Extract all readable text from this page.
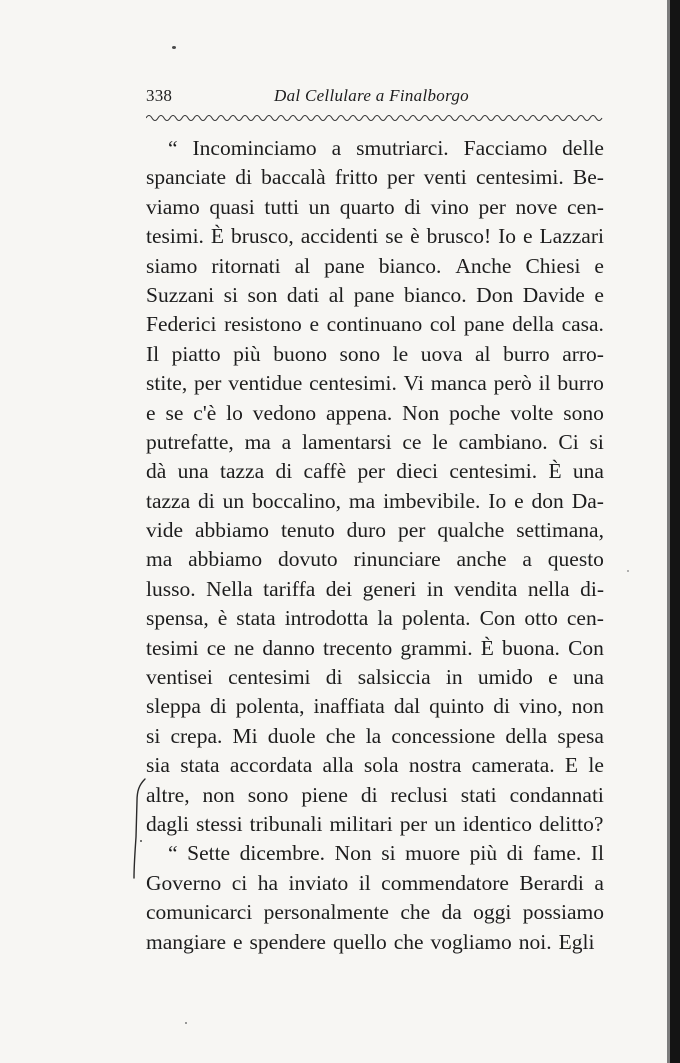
338	Dal Cellulare a Finalborgo
“ Incominciamo a smutriarci. Facciamo delle
spanciate di baccalà fritto per venti centesimi. Be-
viamo quasi tutti un quarto di vino per nove cen-
tesimi. È brusco, accidenti se è brusco! Io e Lazzari
siamo ritornati al pane bianco. Anche Chiesi e
Suzzani si son dati al pane bianco. Don Davide e
Federici resistono e continuano col pane della casa.
Il piatto più buono sono le uova al burro arro-
stite, per ventidue centesimi. Vi manca però il burro
e se c'è lo vedono appena. Non poche volte sono
putrefatte, ma a lamentarsi ce le cambiano. Ci si
dà una tazza di caffè per dieci centesimi. È una
tazza di un boccalino, ma imbevibile. Io e don Da-
vide abbiamo tenuto duro per qualche settimana,
ma abbiamo dovuto rinunciare anche a questo
lusso. Nella tariffa dei generi in vendita nella di-
spensa, è stata introdotta la polenta. Con otto cen-
tesimi ce ne danno trecento grammi. È buona. Con
ventisei centesimi di salsiccia in umido e una
sleppa di polenta, inaffiata dal quinto di vino, non
si crepa. Mi duole che la concessione della spesa
sia stata accordata alla sola nostra camerata. E le
altre, non sono piene di reclusi stati condannati
dagli stessi tribunali militari per un identico delitto?
“ Sette dicembre. Non si muore più di fame. Il
Governo ci ha inviato il commendatore Berardi a
comunicarci personalmente che da oggi possiamo
mangiare e spendere quello che vogliamo noi. Egli
